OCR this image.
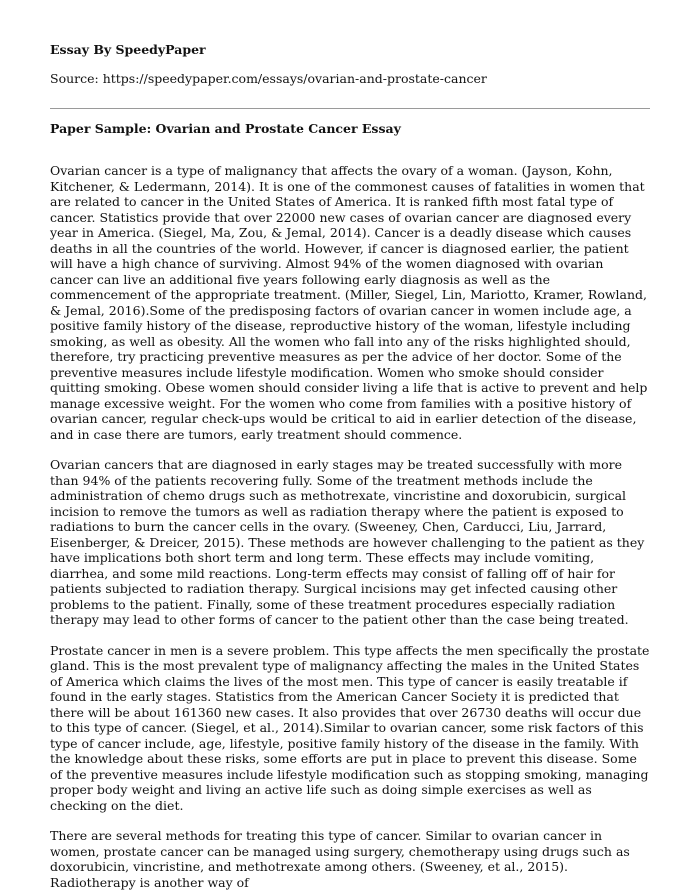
Essay By SpeedyPaper
Source: https://speedypaper.com/essays/ovarian-and-prostate-cancer
Paper Sample: Ovarian and Prostate Cancer Essay

Ovarian cancer is a type of malignancy that affects the ovary of a woman. (Jayson, Kohn, Kitchener, & Ledermann, 2014). It is one of the commonest causes of fatalities in women that are related to cancer in the United States of America. It is ranked fifth most fatal type of cancer. Statistics provide that over 22000 new cases of ovarian cancer are diagnosed every year in America. (Siegel, Ma, Zou, & Jemal, 2014). Cancer is a deadly disease which causes deaths in all the countries of the world. However, if cancer is diagnosed earlier, the patient will have a high chance of surviving. Almost 94% of the women diagnosed with ovarian cancer can live an additional five years following early diagnosis as well as the commencement of the appropriate treatment. (Miller, Siegel, Lin, Mariotto, Kramer, Rowland, & Jemal, 2016).Some of the predisposing factors of ovarian cancer in women include age, a positive family history of the disease, reproductive history of the woman, lifestyle including smoking, as well as obesity. All the women who fall into any of the risks highlighted should, therefore, try practicing preventive measures as per the advice of her doctor. Some of the preventive measures include lifestyle modification. Women who smoke should consider quitting smoking. Obese women should consider living a life that is active to prevent and help manage excessive weight. For the women who come from families with a positive history of ovarian cancer, regular check-ups would be critical to aid in earlier detection of the disease, and in case there are tumors, early treatment should commence.

Ovarian cancers that are diagnosed in early stages may be treated successfully with more than 94% of the patients recovering fully. Some of the treatment methods include the administration of chemo drugs such as methotrexate, vincristine and doxorubicin, surgical incision to remove the tumors as well as radiation therapy where the patient is exposed to radiations to burn the cancer cells in the ovary. (Sweeney, Chen, Carducci, Liu, Jarrard, Eisenberger, & Dreicer, 2015). These methods are however challenging to the patient as they have implications both short term and long term. These effects may include vomiting, diarrhea, and some mild reactions. Long-term effects may consist of falling off of hair for patients subjected to radiation therapy. Surgical incisions may get infected causing other problems to the patient. Finally, some of these treatment procedures especially radiation therapy may lead to other forms of cancer to the patient other than the case being treated.

Prostate cancer in men is a severe problem. This type affects the men specifically the prostate gland. This is the most prevalent type of malignancy affecting the males in the United States of America which claims the lives of the most men. This type of cancer is easily treatable if found in the early stages. Statistics from the American Cancer Society it is predicted that there will be about 161360 new cases. It also provides that over 26730 deaths will occur due to this type of cancer. (Siegel, et al., 2014).Similar to ovarian cancer, some risk factors of this type of cancer include, age, lifestyle, positive family history of the disease in the family. With the knowledge about these risks, some efforts are put in place to prevent this disease. Some of the preventive measures include lifestyle modification such as stopping smoking, managing proper body weight and living an active life such as doing simple exercises as well as checking on the diet.

There are several methods for treating this type of cancer. Similar to ovarian cancer in women, prostate cancer can be managed using surgery, chemotherapy using drugs such as doxorubicin, vincristine, and methotrexate among others. (Sweeney, et al., 2015). Radiotherapy is another way of
